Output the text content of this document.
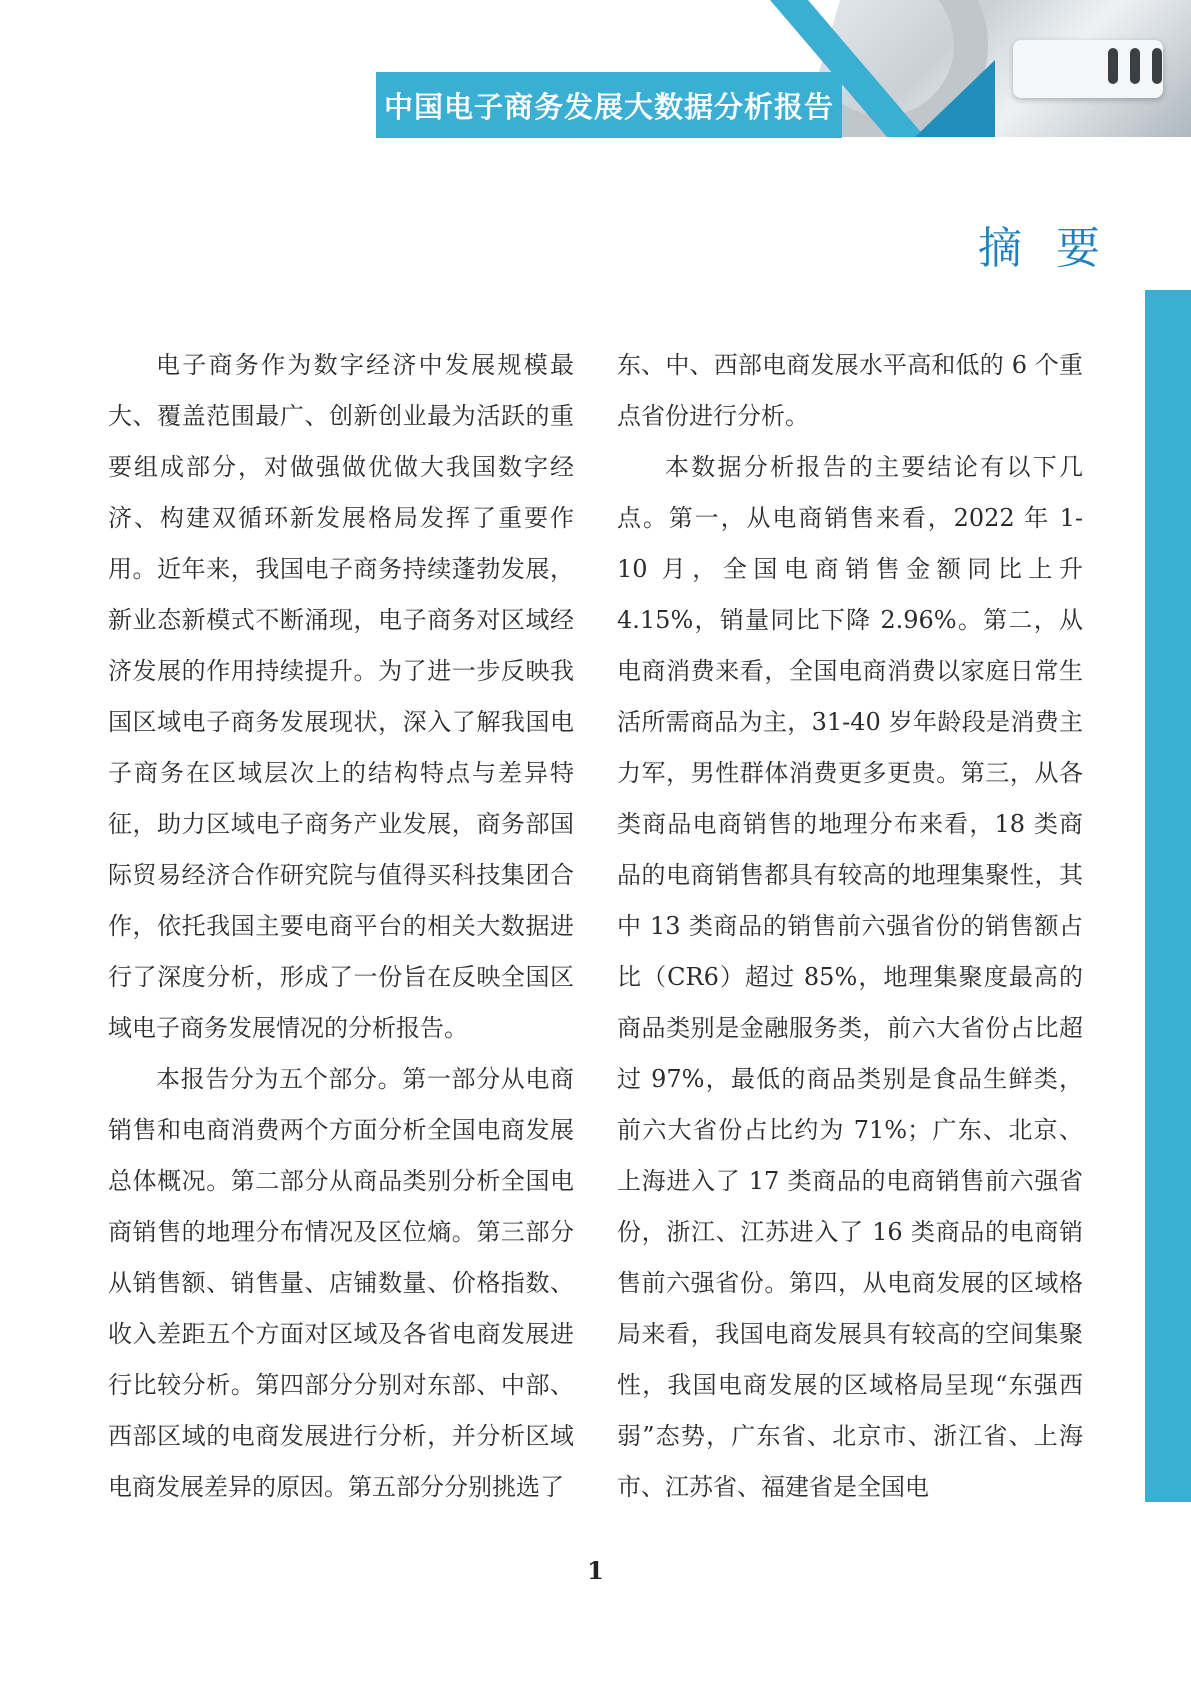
中国电子商务发展大数据分析报告
摘 要

电子商务作为数字经济中发展规模最大、覆盖范围最广、创新创业最为活跃的重要组成部分，对做强做优做大我国数字经济、构建双循环新发展格局发挥了重要作用。近年来，我国电子商务持续蓬勃发展，新业态新模式不断涌现，电子商务对区域经济发展的作用持续提升。为了进一步反映我国区域电子商务发展现状，深入了解我国电子商务在区域层次上的结构特点与差异特征，助力区域电子商务产业发展，商务部国际贸易经济合作研究院与值得买科技集团合作，依托我国主要电商平台的相关大数据进行了深度分析，形成了一份旨在反映全国区域电子商务发展情况的分析报告。

本报告分为五个部分。第一部分从电商销售和电商消费两个方面分析全国电商发展总体概况。第二部分从商品类别分析全国电商销售的地理分布情况及区位熵。第三部分从销售额、销售量、店铺数量、价格指数、收入差距五个方面对区域及各省电商发展进行比较分析。第四部分分别对东部、中部、西部区域的电商发展进行分析，并分析区域电商发展差异的原因。第五部分分别挑选了

东、中、西部电商发展水平高和低的 6 个重点省份进行分析。

本数据分析报告的主要结论有以下几点。第一，从电商销售来看，2022 年 1-10 月，全国电商销售金额同比上升 4.15%，销量同比下降 2.96%。第二，从电商消费来看，全国电商消费以家庭日常生活所需商品为主，31-40 岁年龄段是消费主力军，男性群体消费更多更贵。第三，从各类商品电商销售的地理分布来看，18 类商品的电商销售都具有较高的地理集聚性，其中 13 类商品的销售前六强省份的销售额占比（CR6）超过 85%，地理集聚度最高的商品类别是金融服务类，前六大省份占比超过 97%，最低的商品类别是食品生鲜类，前六大省份占比约为 71%；广东、北京、上海进入了 17 类商品的电商销售前六强省份，浙江、江苏进入了 16 类商品的电商销售前六强省份。第四，从电商发展的区域格局来看，我国电商发展具有较高的空间集聚性，我国电商发展的区域格局呈现“东强西弱”态势，广东省、北京市、浙江省、上海市、江苏省、福建省是全国电

1
